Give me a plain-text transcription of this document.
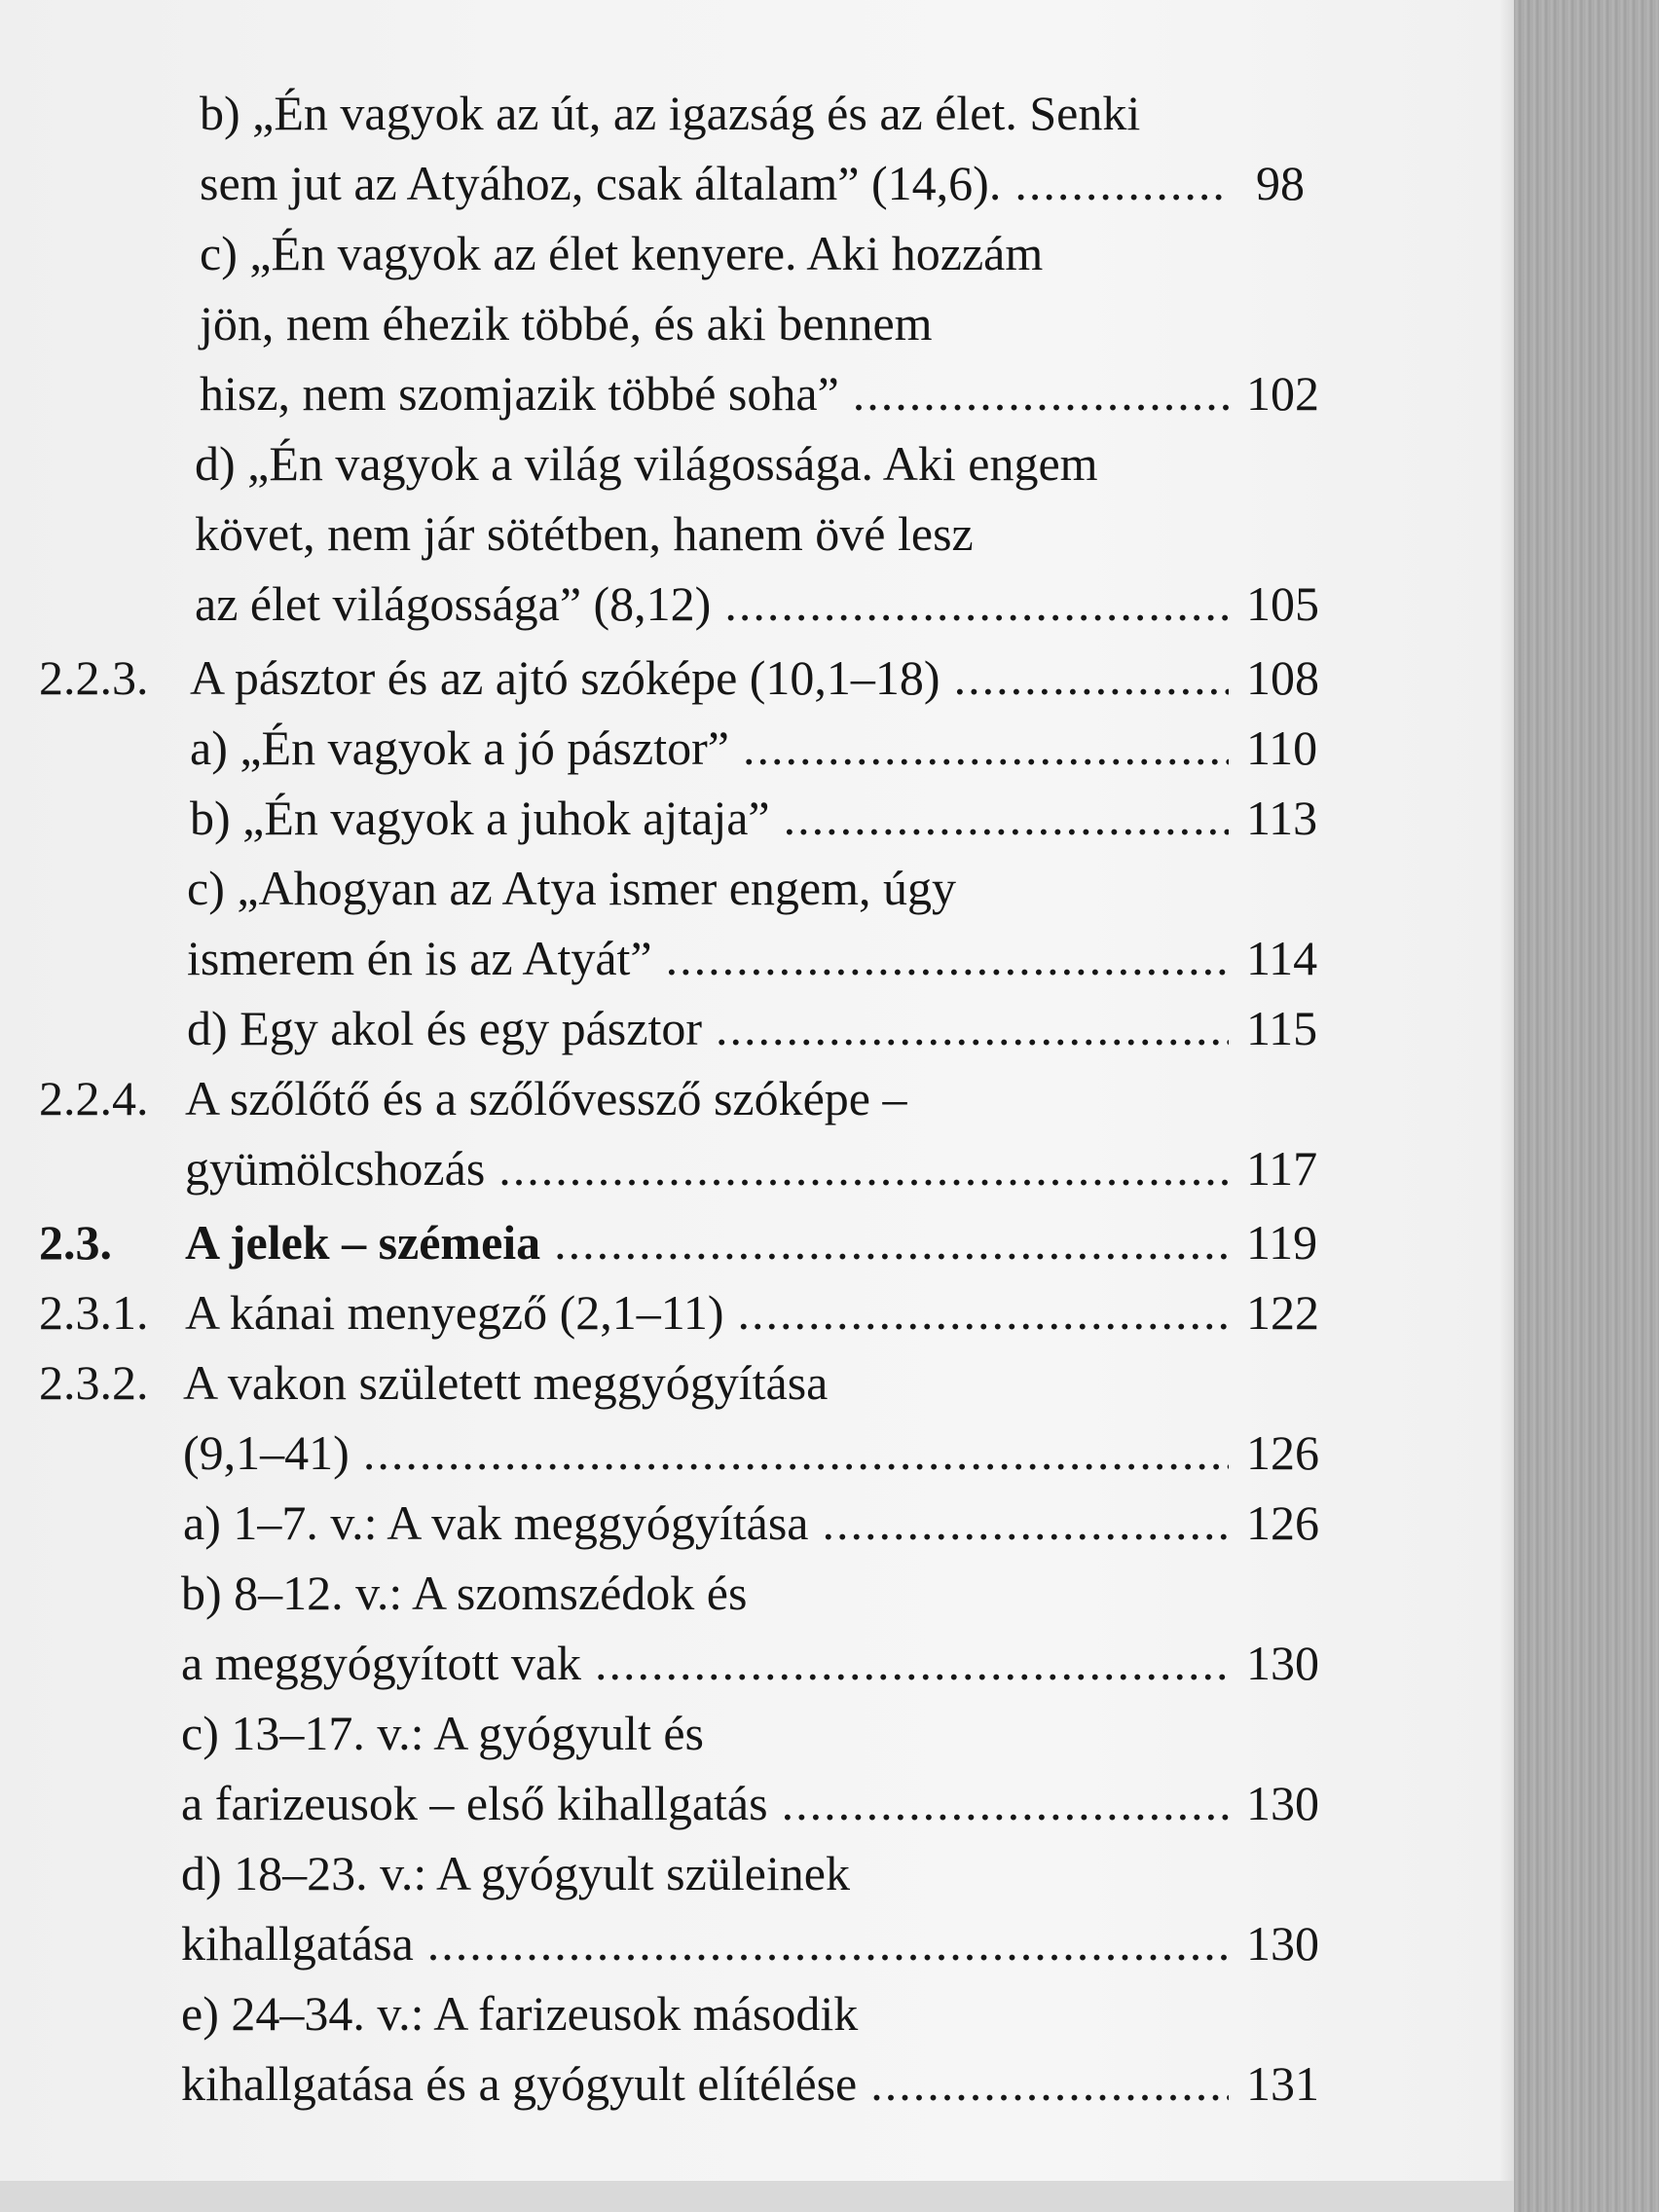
b) „Én vagyok az út, az igazság és az élet. Senki
sem jut az Atyához, csak általam” (14,6). .....	98
c) „Én vagyok az élet kenyere. Aki hozzám
jön, nem éhezik többé, és aki bennem
hisz, nem szomjazik többé soha” .....	102
d) „Én vagyok a világ világossága. Aki engem
követ, nem jár sötétben, hanem övé lesz
az élet világossága” (8,12) .....	105
2.2.3. A pásztor és az ajtó szóképe (10,1–18) .....	108
a) „Én vagyok a jó pásztor” .....	110
b) „Én vagyok a juhok ajtaja” .....	113
c) „Ahogyan az Atya ismer engem, úgy
ismerem én is az Atyát” .....	114
d) Egy akol és egy pásztor .....	115
2.2.4. A szőlőtő és a szőlővessző szóképe –
gyümölcshozás .....	117
2.3.	A jelek – szémeia .....	119
2.3.1. A kánai menyegző (2,1–11) .....	122
2.3.2. A vakon született meggyógyítása
(9,1–41) .....	126
a) 1–7. v.: A vak meggyógyítása .....	126
b) 8–12. v.: A szomszédok és
a meggyógyított vak .....	130
c) 13–17. v.: A gyógyult és
a farizeusok – első kihallgatás .....	130
d) 18–23. v.: A gyógyult szüleinek
kihallgatása .....	130
e) 24–34. v.: A farizeusok második
kihallgatása és a gyógyult elítélése .....	131
